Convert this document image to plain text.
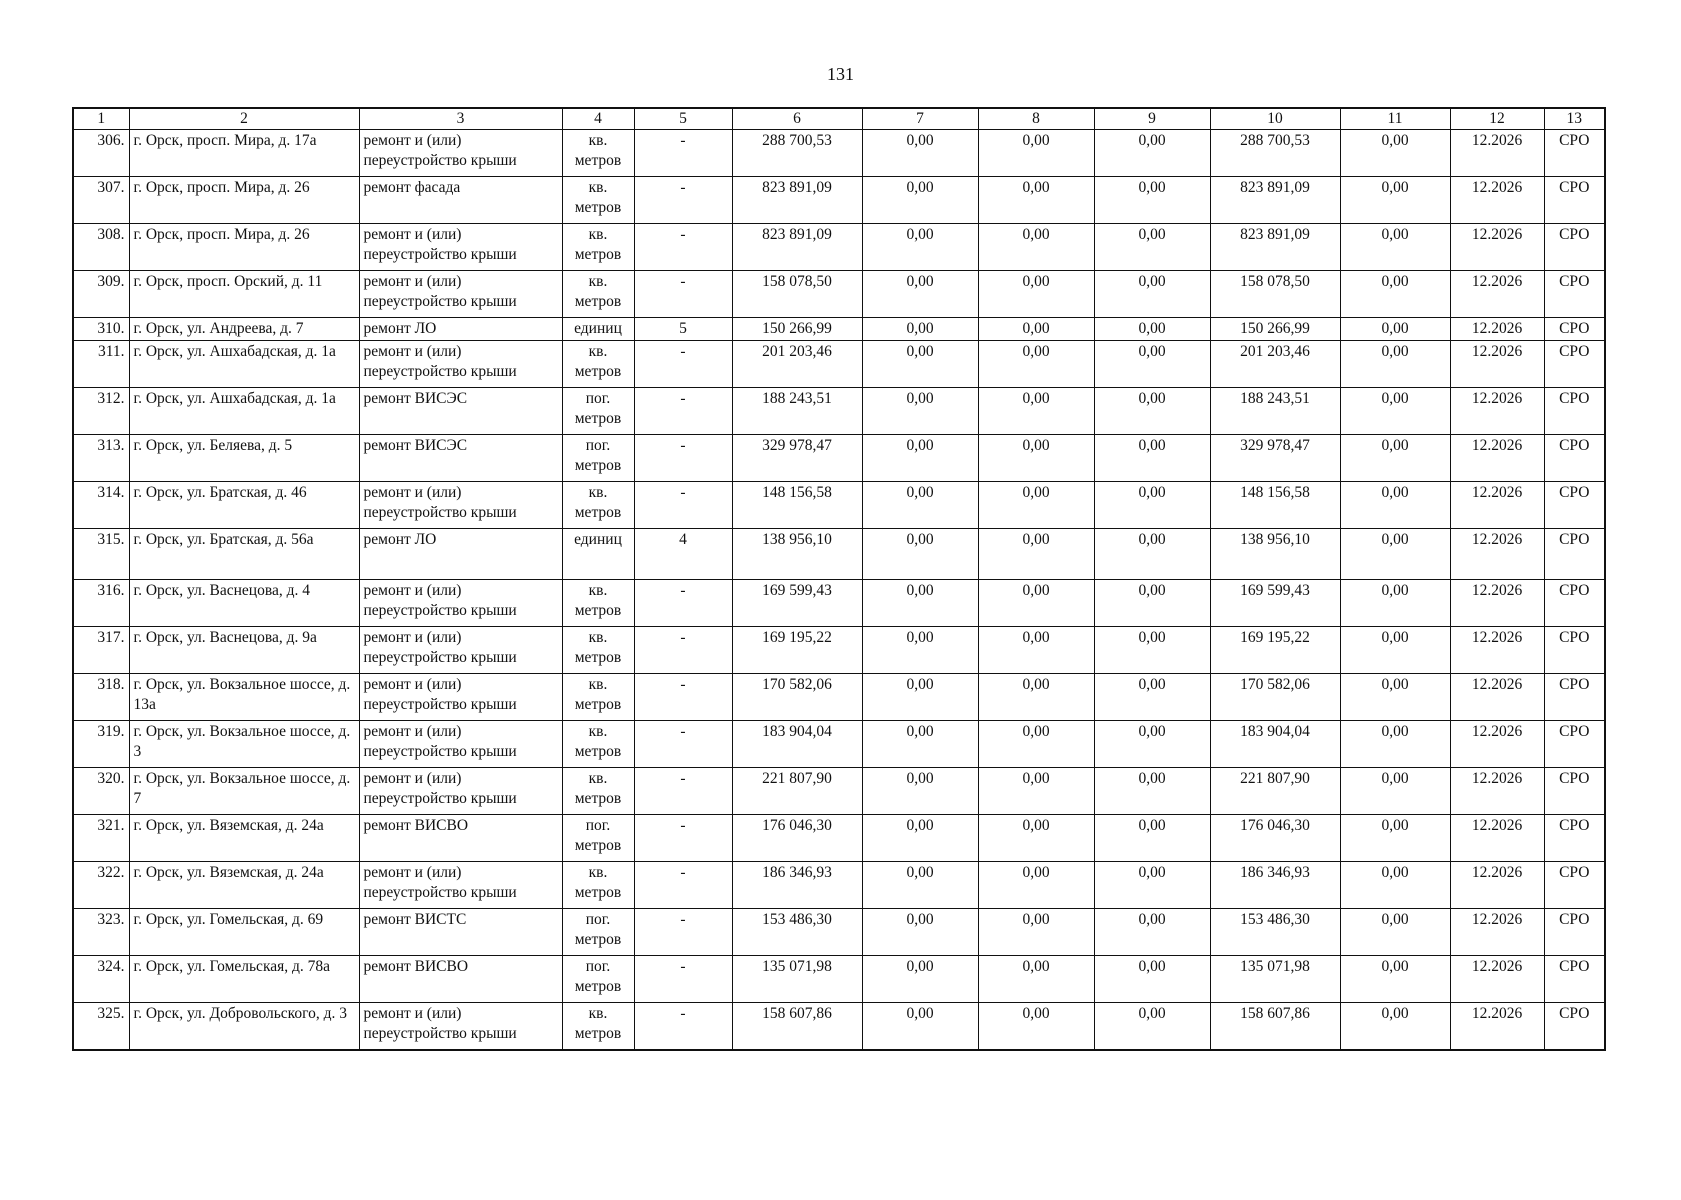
131
1	2	3	4	5	6	7	8	9	10	11	12	13
306.	г. Орск, просп. Мира, д. 17а	ремонт и (или) переустройство крыши	кв. метров	-	288 700,53	0,00	0,00	0,00	288 700,53	0,00	12.2026	СРО
307.	г. Орск, просп. Мира, д. 26	ремонт фасада	кв. метров	-	823 891,09	0,00	0,00	0,00	823 891,09	0,00	12.2026	СРО
308.	г. Орск, просп. Мира, д. 26	ремонт и (или) переустройство крыши	кв. метров	-	823 891,09	0,00	0,00	0,00	823 891,09	0,00	12.2026	СРО
309.	г. Орск, просп. Орский, д. 11	ремонт и (или) переустройство крыши	кв. метров	-	158 078,50	0,00	0,00	0,00	158 078,50	0,00	12.2026	СРО
310.	г. Орск, ул. Андреева, д. 7	ремонт ЛО	единиц	5	150 266,99	0,00	0,00	0,00	150 266,99	0,00	12.2026	СРО
311.	г. Орск, ул. Ашхабадская, д. 1а	ремонт и (или) переустройство крыши	кв. метров	-	201 203,46	0,00	0,00	0,00	201 203,46	0,00	12.2026	СРО
312.	г. Орск, ул. Ашхабадская, д. 1а	ремонт ВИСЭС	пог. метров	-	188 243,51	0,00	0,00	0,00	188 243,51	0,00	12.2026	СРО
313.	г. Орск, ул. Беляева, д. 5	ремонт ВИСЭС	пог. метров	-	329 978,47	0,00	0,00	0,00	329 978,47	0,00	12.2026	СРО
314.	г. Орск, ул. Братская, д. 46	ремонт и (или) переустройство крыши	кв. метров	-	148 156,58	0,00	0,00	0,00	148 156,58	0,00	12.2026	СРО
315.	г. Орск, ул. Братская, д. 56а	ремонт ЛО	единиц	4	138 956,10	0,00	0,00	0,00	138 956,10	0,00	12.2026	СРО
316.	г. Орск, ул. Васнецова, д. 4	ремонт и (или) переустройство крыши	кв. метров	-	169 599,43	0,00	0,00	0,00	169 599,43	0,00	12.2026	СРО
317.	г. Орск, ул. Васнецова, д. 9а	ремонт и (или) переустройство крыши	кв. метров	-	169 195,22	0,00	0,00	0,00	169 195,22	0,00	12.2026	СРО
318.	г. Орск, ул. Вокзальное шоссе, д. 13а	ремонт и (или) переустройство крыши	кв. метров	-	170 582,06	0,00	0,00	0,00	170 582,06	0,00	12.2026	СРО
319.	г. Орск, ул. Вокзальное шоссе, д. 3	ремонт и (или) переустройство крыши	кв. метров	-	183 904,04	0,00	0,00	0,00	183 904,04	0,00	12.2026	СРО
320.	г. Орск, ул. Вокзальное шоссе, д. 7	ремонт и (или) переустройство крыши	кв. метров	-	221 807,90	0,00	0,00	0,00	221 807,90	0,00	12.2026	СРО
321.	г. Орск, ул. Вяземская, д. 24а	ремонт ВИСВО	пог. метров	-	176 046,30	0,00	0,00	0,00	176 046,30	0,00	12.2026	СРО
322.	г. Орск, ул. Вяземская, д. 24а	ремонт и (или) переустройство крыши	кв. метров	-	186 346,93	0,00	0,00	0,00	186 346,93	0,00	12.2026	СРО
323.	г. Орск, ул. Гомельская, д. 69	ремонт ВИСТС	пог. метров	-	153 486,30	0,00	0,00	0,00	153 486,30	0,00	12.2026	СРО
324.	г. Орск, ул. Гомельская, д. 78а	ремонт ВИСВО	пог. метров	-	135 071,98	0,00	0,00	0,00	135 071,98	0,00	12.2026	СРО
325.	г. Орск, ул. Добровольского, д. 3	ремонт и (или) переустройство крыши	кв. метров	-	158 607,86	0,00	0,00	0,00	158 607,86	0,00	12.2026	СРО
